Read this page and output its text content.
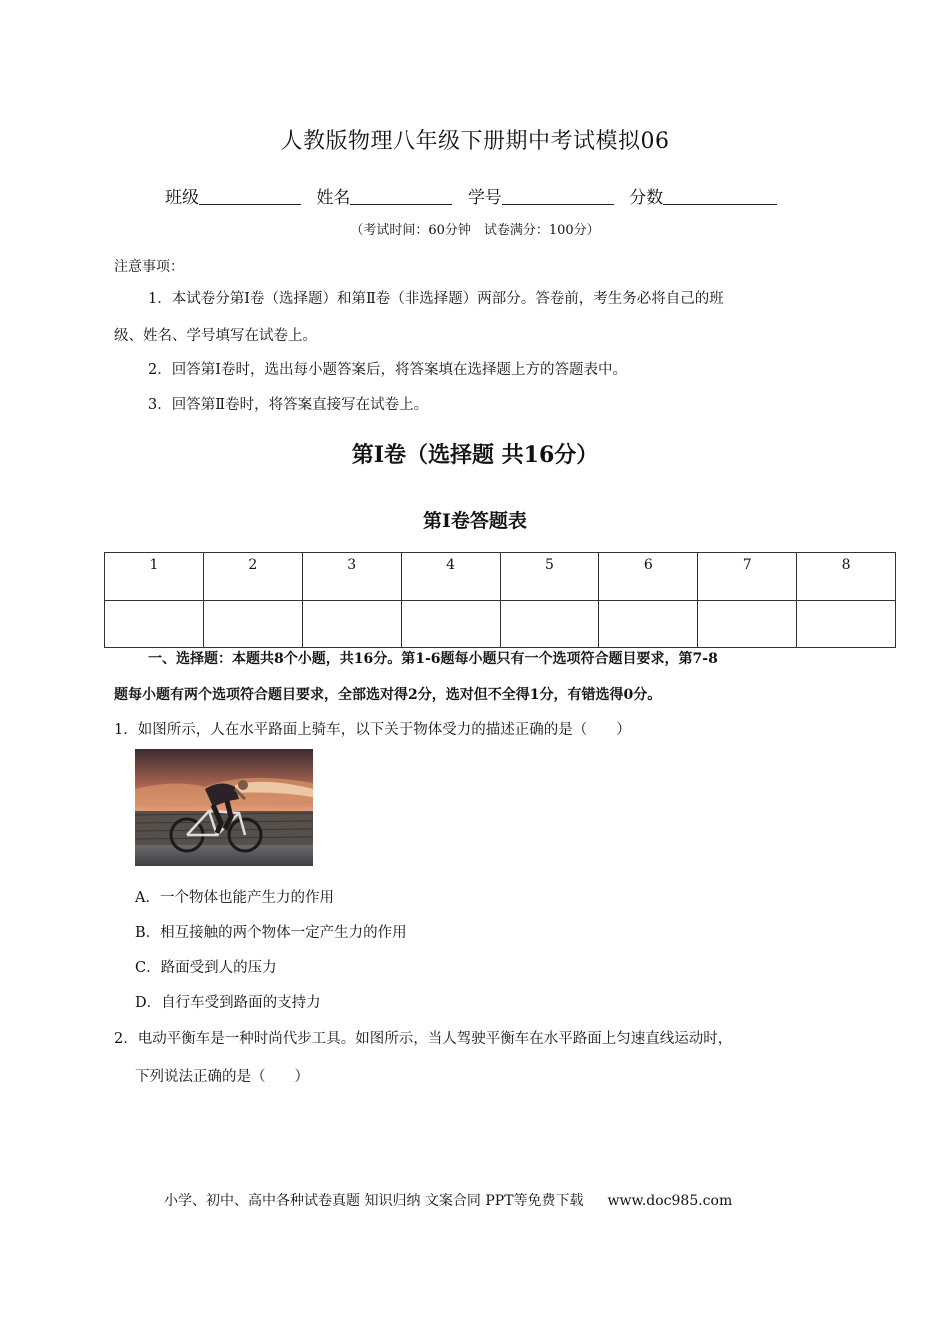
人教版物理八年级下册期中考试模拟06
班级	姓名	学号	分数
（考试时间：60分钟　试卷满分：100分）
注意事项：
1．本试卷分第Ⅰ卷（选择题）和第Ⅱ卷（非选择题）两部分。答卷前，考生务必将自己的班
级、姓名、学号填写在试卷上。
2．回答第Ⅰ卷时，选出每小题答案后，将答案填在选择题上方的答题表中。
3．回答第Ⅱ卷时，将答案直接写在试卷上。
第Ⅰ卷（选择题 共16分）
第Ⅰ卷答题表
1	2	3	4	5	6	7	8

一、选择题：本题共8个小题，共16分。第1-6题每小题只有一个选项符合题目要求，第7-8
题每小题有两个选项符合题目要求，全部选对得2分，选对但不全得1分，有错选得0分。
1．如图所示，人在水平路面上骑车，以下关于物体受力的描述正确的是（　　）
A．一个物体也能产生力的作用
B．相互接触的两个物体一定产生力的作用
C．路面受到人的压力
D．自行车受到路面的支持力
2．电动平衡车是一种时尚代步工具。如图所示，当人驾驶平衡车在水平路面上匀速直线运动时，
下列说法正确的是（　　）
小学、初中、高中各种试卷真题 知识归纳 文案合同 PPT等免费下载 www.doc985.com
